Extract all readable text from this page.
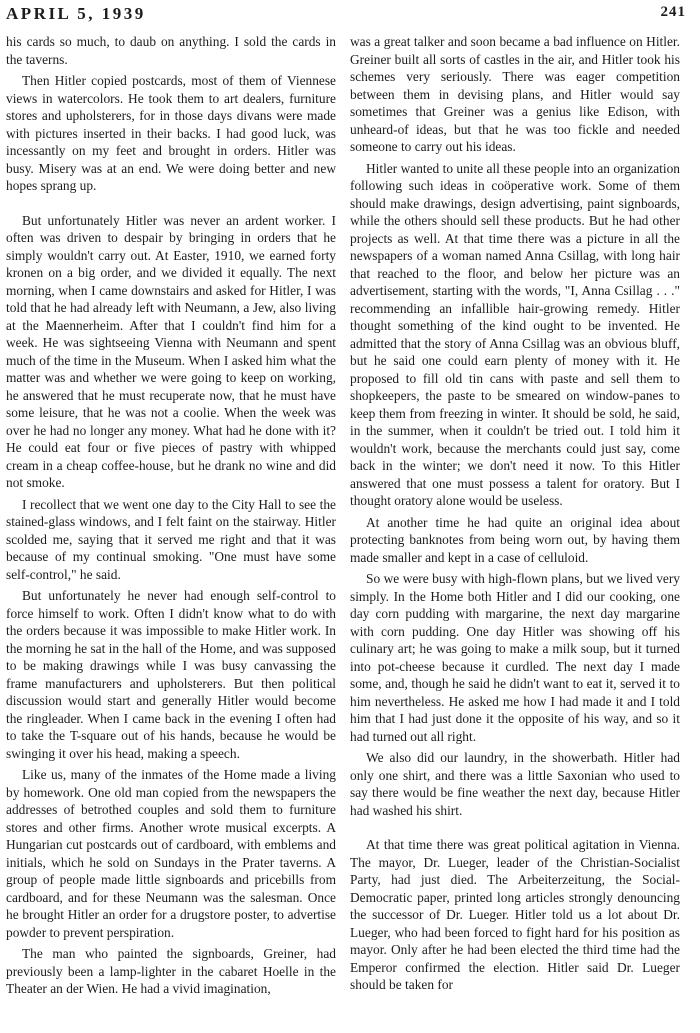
APRIL 5, 1939	241

his cards so much, to daub on anything. I sold the cards in the taverns.

Then Hitler copied postcards, most of them of Viennese views in watercolors. He took them to art dealers, furniture stores and upholsterers, for in those days divans were made with pictures inserted in their backs. I had good luck, was incessantly on my feet and brought in orders. Hitler was busy. Misery was at an end. We were doing better and new hopes sprang up.

But unfortunately Hitler was never an ardent worker. I often was driven to despair by bringing in orders that he simply wouldn't carry out. At Easter, 1910, we earned forty kronen on a big order, and we divided it equally. The next morning, when I came downstairs and asked for Hitler, I was told that he had already left with Neumann, a Jew, also living at the Maennerheim. After that I couldn't find him for a week. He was sightseeing Vienna with Neumann and spent much of the time in the Museum. When I asked him what the matter was and whether we were going to keep on working, he answered that he must recuperate now, that he must have some leisure, that he was not a coolie. When the week was over he had no longer any money. What had he done with it? He could eat four or five pieces of pastry with whipped cream in a cheap coffee-house, but he drank no wine and did not smoke.

I recollect that we went one day to the City Hall to see the stained-glass windows, and I felt faint on the stairway. Hitler scolded me, saying that it served me right and that it was because of my continual smoking. "One must have some self-control," he said.

But unfortunately he never had enough self-control to force himself to work. Often I didn't know what to do with the orders because it was impossible to make Hitler work. In the morning he sat in the hall of the Home, and was supposed to be making drawings while I was busy canvassing the frame manufacturers and upholsterers. But then political discussion would start and generally Hitler would become the ringleader. When I came back in the evening I often had to take the T-square out of his hands, because he would be swinging it over his head, making a speech.

Like us, many of the inmates of the Home made a living by homework. One old man copied from the newspapers the addresses of betrothed couples and sold them to furniture stores and other firms. Another wrote musical excerpts. A Hungarian cut postcards out of cardboard, with emblems and initials, which he sold on Sundays in the Prater taverns. A group of people made little signboards and pricebills from cardboard, and for these Neumann was the salesman. Once he brought Hitler an order for a drugstore poster, to advertise powder to prevent perspiration.

The man who painted the signboards, Greiner, had previously been a lamp-lighter in the cabaret Hoelle in the Theater an der Wien. He had a vivid imagination,

was a great talker and soon became a bad influence on Hitler. Greiner built all sorts of castles in the air, and Hitler took his schemes very seriously. There was eager competition between them in devising plans, and Hitler would say sometimes that Greiner was a genius like Edison, with unheard-of ideas, but that he was too fickle and needed someone to carry out his ideas.

Hitler wanted to unite all these people into an organization following such ideas in coöperative work. Some of them should make drawings, design advertising, paint signboards, while the others should sell these products. But he had other projects as well. At that time there was a picture in all the newspapers of a woman named Anna Csillag, with long hair that reached to the floor, and below her picture was an advertisement, starting with the words, "I, Anna Csillag . . ." recommending an infallible hair-growing remedy. Hitler thought something of the kind ought to be invented. He admitted that the story of Anna Csillag was an obvious bluff, but he said one could earn plenty of money with it. He proposed to fill old tin cans with paste and sell them to shopkeepers, the paste to be smeared on window-panes to keep them from freezing in winter. It should be sold, he said, in the summer, when it couldn't be tried out. I told him it wouldn't work, because the merchants could just say, come back in the winter; we don't need it now. To this Hitler answered that one must possess a talent for oratory. But I thought oratory alone would be useless.

At another time he had quite an original idea about protecting banknotes from being worn out, by having them made smaller and kept in a case of celluloid.

So we were busy with high-flown plans, but we lived very simply. In the Home both Hitler and I did our cooking, one day corn pudding with margarine, the next day margarine with corn pudding. One day Hitler was showing off his culinary art; he was going to make a milk soup, but it turned into pot-cheese because it curdled. The next day I made some, and, though he said he didn't want to eat it, served it to him nevertheless. He asked me how I had made it and I told him that I had just done it the opposite of his way, and so it had turned out all right.

We also did our laundry, in the showerbath. Hitler had only one shirt, and there was a little Saxonian who used to say there would be fine weather the next day, because Hitler had washed his shirt.

At that time there was great political agitation in Vienna. The mayor, Dr. Lueger, leader of the Christian-Socialist Party, had just died. The Arbeiterzeitung, the Social-Democratic paper, printed long articles strongly denouncing the successor of Dr. Lueger. Hitler told us a lot about Dr. Lueger, who had been forced to fight hard for his position as mayor. Only after he had been elected the third time had the Emperor confirmed the election. Hitler said Dr. Lueger should be taken for
